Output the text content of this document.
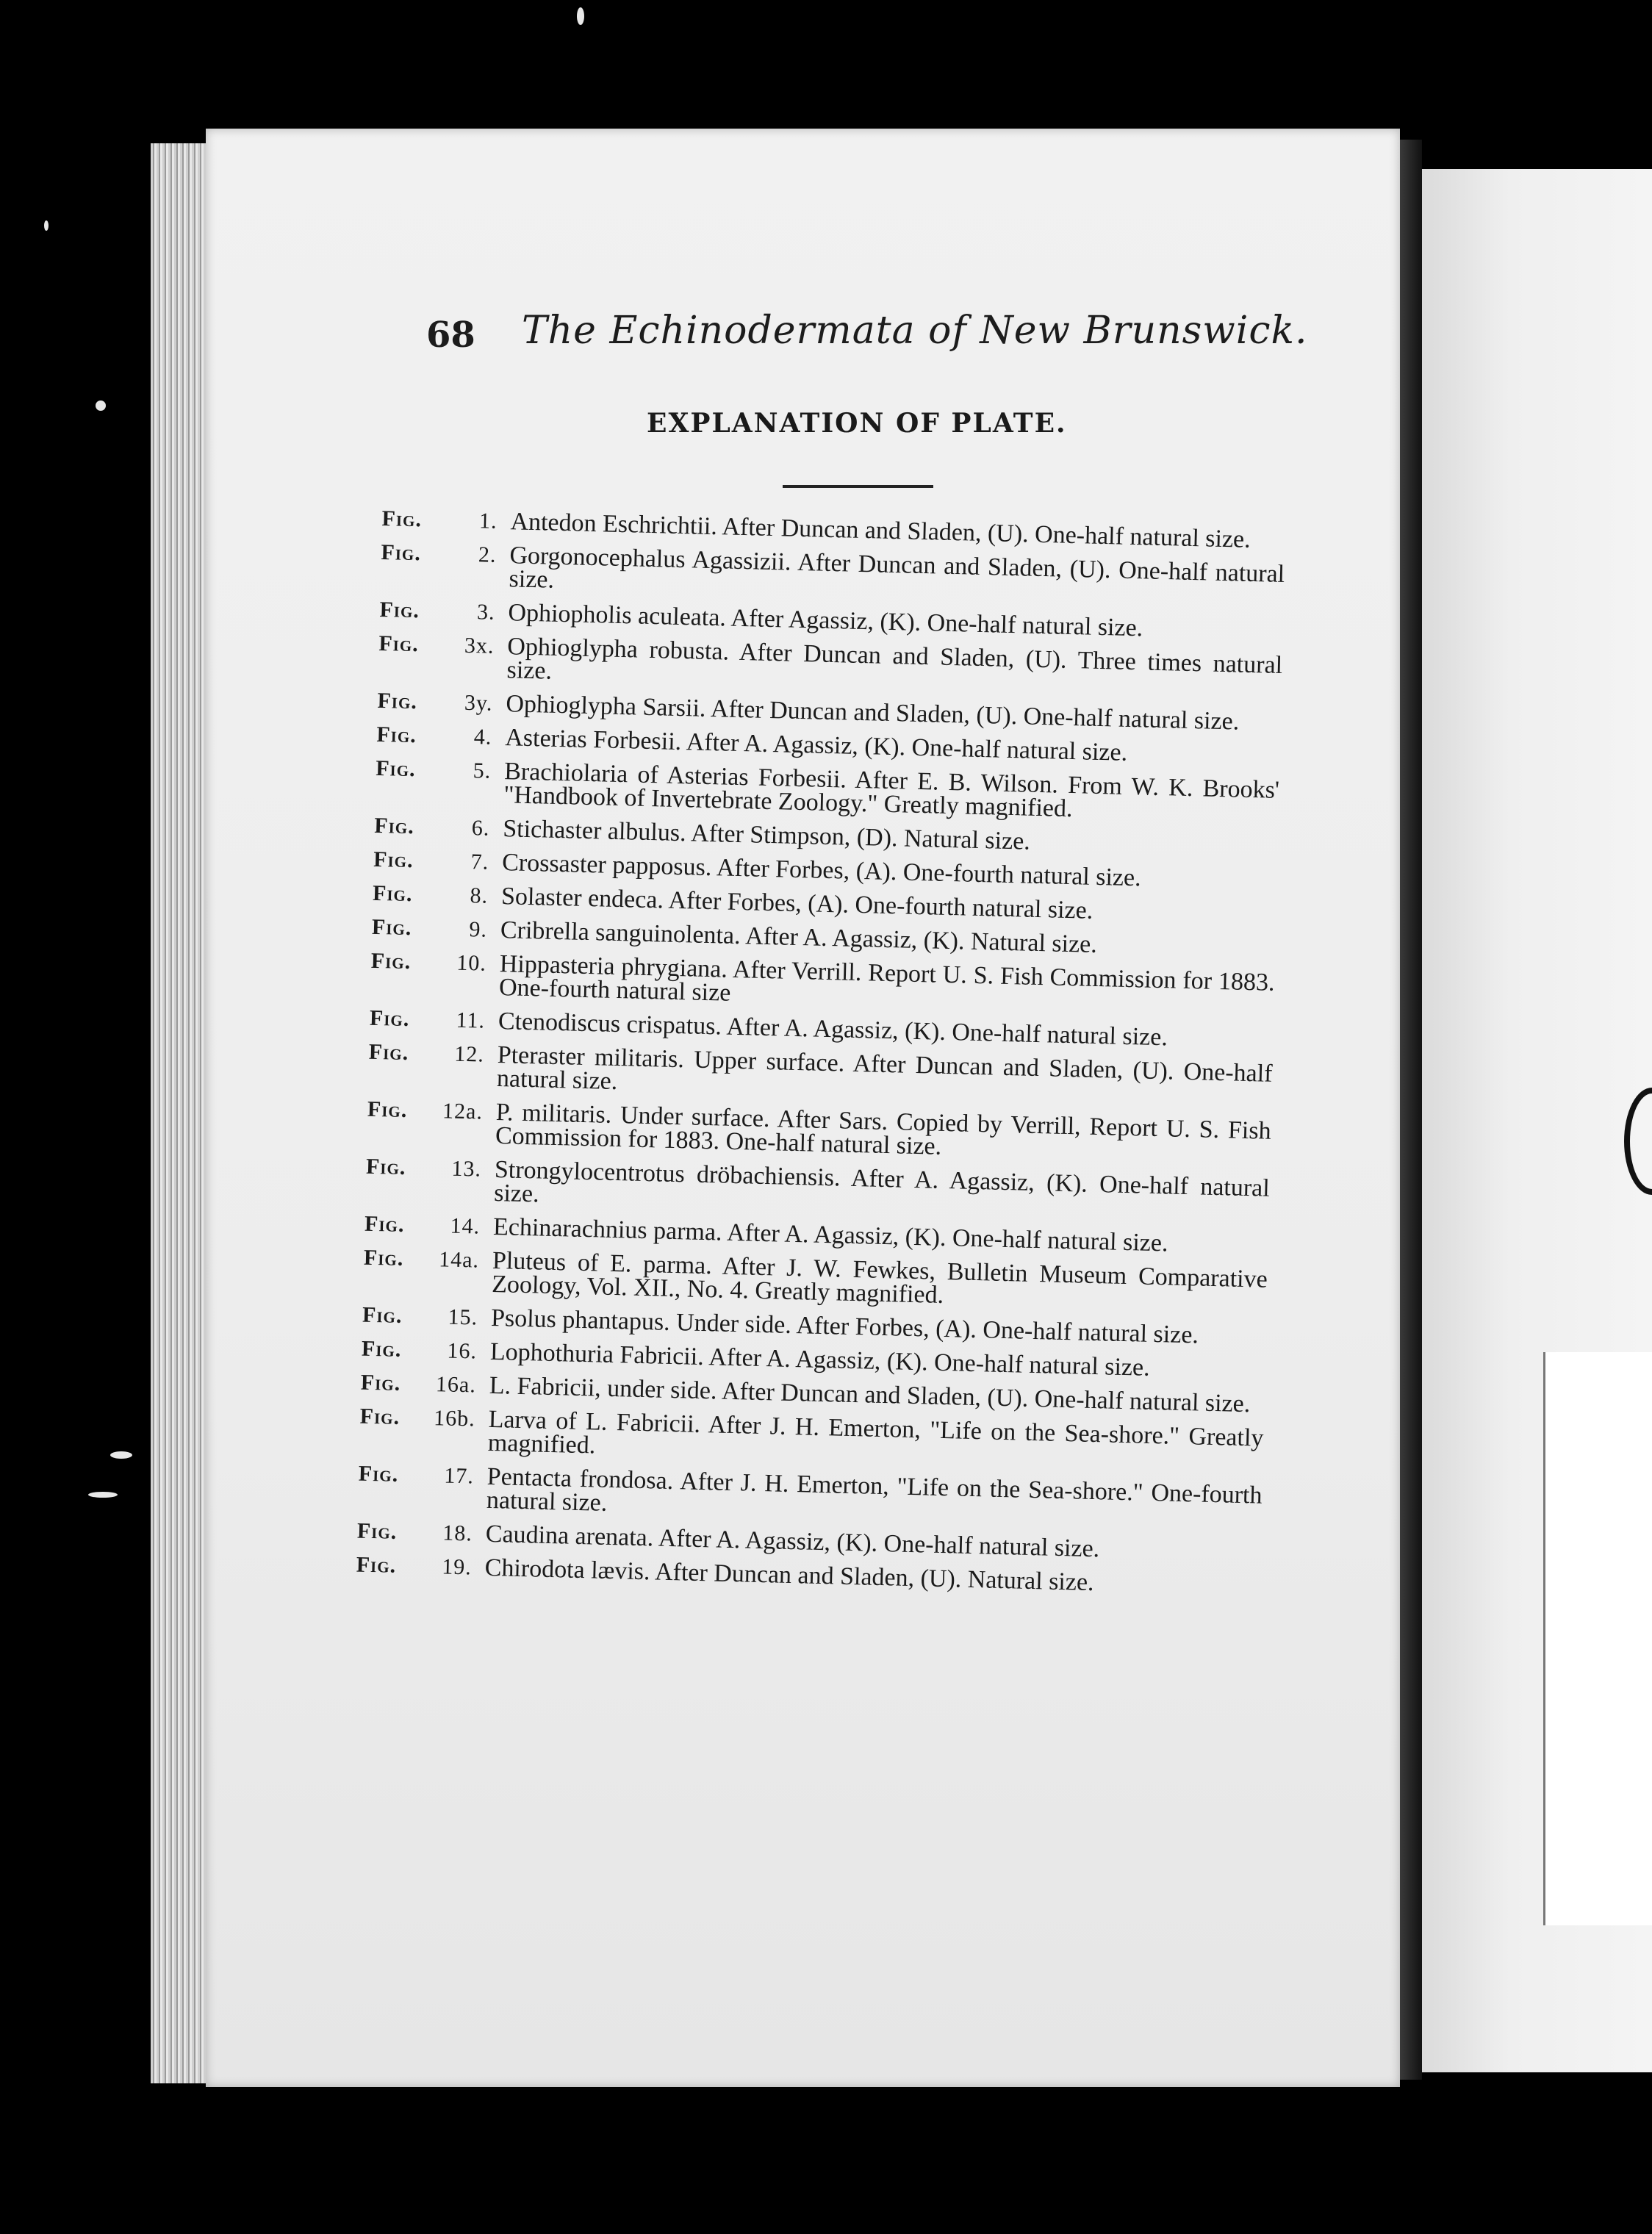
68 The Echinodermata of New Brunswick.
EXPLANATION OF PLATE.
Fig.	1. Antedon Eschrichtii. After Duncan and Sladen, (U). One-half natural size.
Fig.	2. Gorgonocephalus Agassizii. After Duncan and Sladen, (U). One-half natural size.
Fig.	3. Ophiopholis aculeata. After Agassiz, (K). One-half natural size.
Fig. 3x. Ophioglypha robusta. After Duncan and Sladen, (U). Three times natural size.
Fig. 3y. Ophioglypha Sarsii. After Duncan and Sladen, (U). One-half natural size.
Fig.	4. Asterias Forbesii. After A. Agassiz, (K). One-half natural size.
Fig.	5. Brachiolaria of Asterias Forbesii. After E. B. Wilson. From W. K. Brooks' "Handbook of Invertebrate Zoology." Greatly magnified.
Fig.	6. Stichaster albulus. After Stimpson, (D). Natural size.
Fig.	7. Crossaster papposus. After Forbes, (A). One-fourth natural size.
Fig.	8. Solaster endeca. After Forbes, (A). One-fourth natural size.
Fig.	9. Cribrella sanguinolenta. After A. Agassiz, (K). Natural size.
Fig. 10. Hippasteria phrygiana. After Verrill. Report U. S. Fish Commission for 1883. One-fourth natural size
Fig. 11. Ctenodiscus crispatus. After A. Agassiz, (K). One-half natural size.
Fig. 12. Pteraster militaris. Upper surface. After Duncan and Sladen, (U). One-half natural size.
Fig. 12a. P. militaris. Under surface. After Sars. Copied by Verrill, Report U. S. Fish Commission for 1883. One-half natural size.
Fig. 13. Strongylocentrotus dröbachiensis. After A. Agassiz, (K). One-half natural size.
Fig. 14. Echinarachnius parma. After A. Agassiz, (K). One-half natural size.
Fig. 14a. Pluteus of E. parma. After J. W. Fewkes, Bulletin Museum Comparative Zoology, Vol. XII., No. 4. Greatly magnified.
Fig. 15. Psolus phantapus. Under side. After Forbes, (A). One-half natural size.
Fig. 16. Lophothuria Fabricii. After A. Agassiz, (K). One-half natural size.
Fig. 16a. L. Fabricii, under side. After Duncan and Sladen, (U). One-half natural size.
Fig. 16b. Larva of L. Fabricii. After J. H. Emerton, "Life on the Sea-shore." Greatly magnified.
Fig. 17. Pentacta frondosa. After J. H. Emerton, "Life on the Sea-shore." One-fourth natural size.
Fig. 18. Caudina arenata. After A. Agassiz, (K). One-half natural size.
Fig. 19. Chirodota lævis. After Duncan and Sladen, (U). Natural size.
